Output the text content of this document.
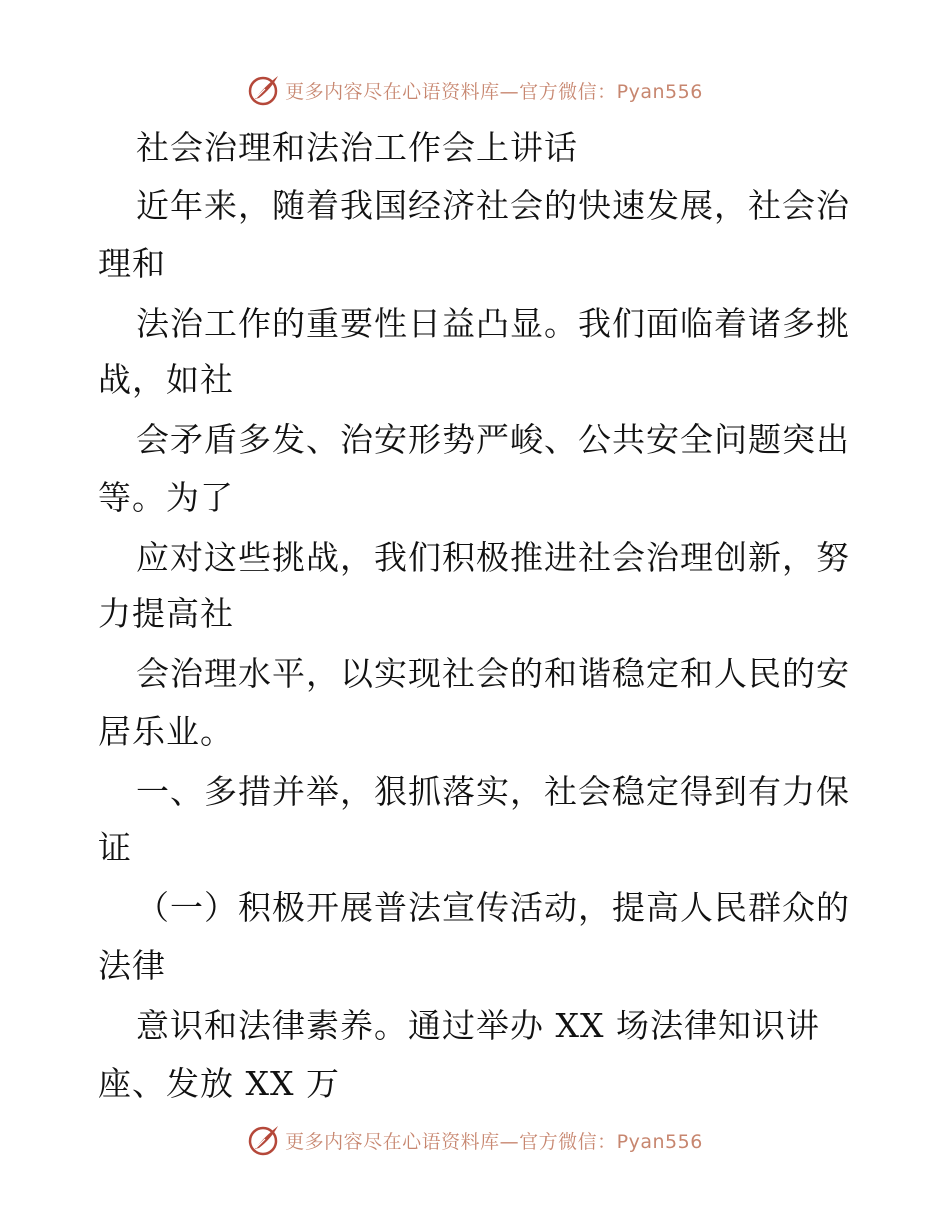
更多内容尽在心语资料库—官方微信：Pyan556
社会治理和法治工作会上讲话
近年来，随着我国经济社会的快速发展，社会治
理和
法治工作的重要性日益凸显。我们面临着诸多挑
战，如社
会矛盾多发、治安形势严峻、公共安全问题突出
等。为了
应对这些挑战，我们积极推进社会治理创新，努
力提高社
会治理水平，以实现社会的和谐稳定和人民的安
居乐业。
一、多措并举，狠抓落实，社会稳定得到有力保
证
（一）积极开展普法宣传活动，提高人民群众的
法律
意识和法律素养。通过举办 XX 场法律知识讲
座、发放 XX 万
更多内容尽在心语资料库—官方微信：Pyan556
